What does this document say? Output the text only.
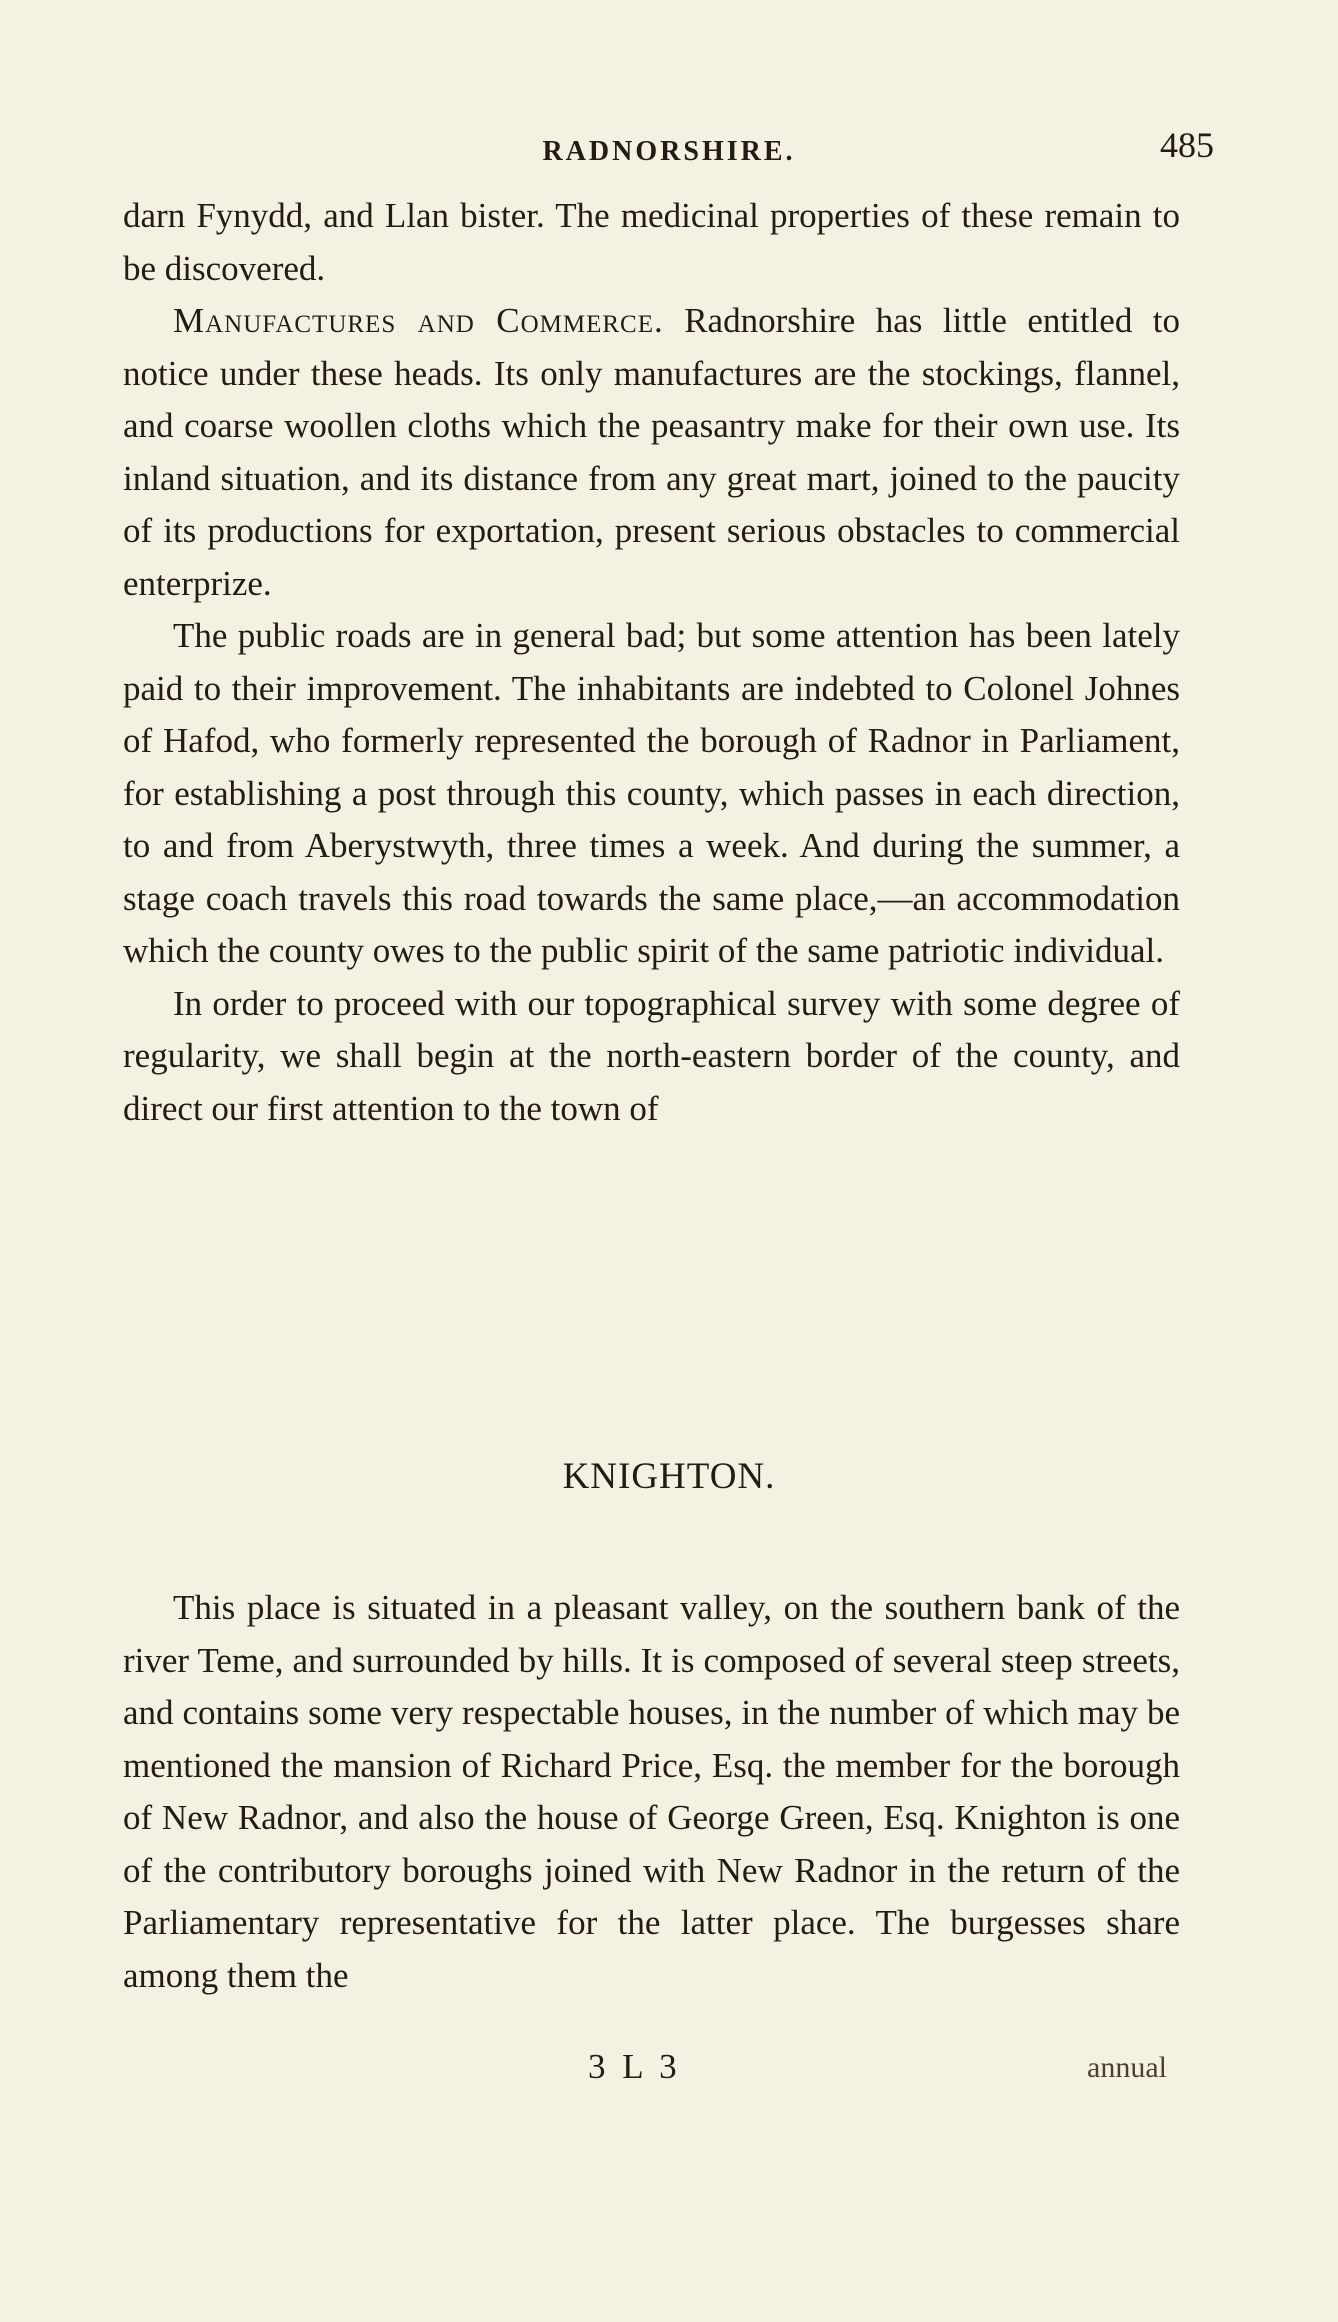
RADNORSHIRE.	485

darn Fynydd, and Llan bister. The medicinal properties of these remain to be discovered.

Manufactures and Commerce. Radnorshire has little entitled to notice under these heads. Its only manufactures are the stockings, flannel, and coarse woollen cloths which the peasantry make for their own use. Its inland situation, and its distance from any great mart, joined to the paucity of its productions for exportation, present serious obstacles to commercial enterprize.

The public roads are in general bad; but some attention has been lately paid to their improvement. The inhabitants are indebted to Colonel Johnes of Hafod, who formerly represented the borough of Radnor in Parliament, for establishing a post through this county, which passes in each direction, to and from Aberystwyth, three times a week. And during the summer, a stage coach travels this road towards the same place,—an accommodation which the county owes to the public spirit of the same patriotic individual.

In order to proceed with our topographical survey with some degree of regularity, we shall begin at the north-eastern border of the county, and direct our first attention to the town of

KNIGHTON.

This place is situated in a pleasant valley, on the southern bank of the river Teme, and surrounded by hills. It is composed of several steep streets, and contains some very respectable houses, in the number of which may be mentioned the mansion of Richard Price, Esq. the member for the borough of New Radnor, and also the house of George Green, Esq. Knighton is one of the contributory boroughs joined with New Radnor in the return of the Parliamentary representative for the latter place. The burgesses share among them the

3 L 3	annual
